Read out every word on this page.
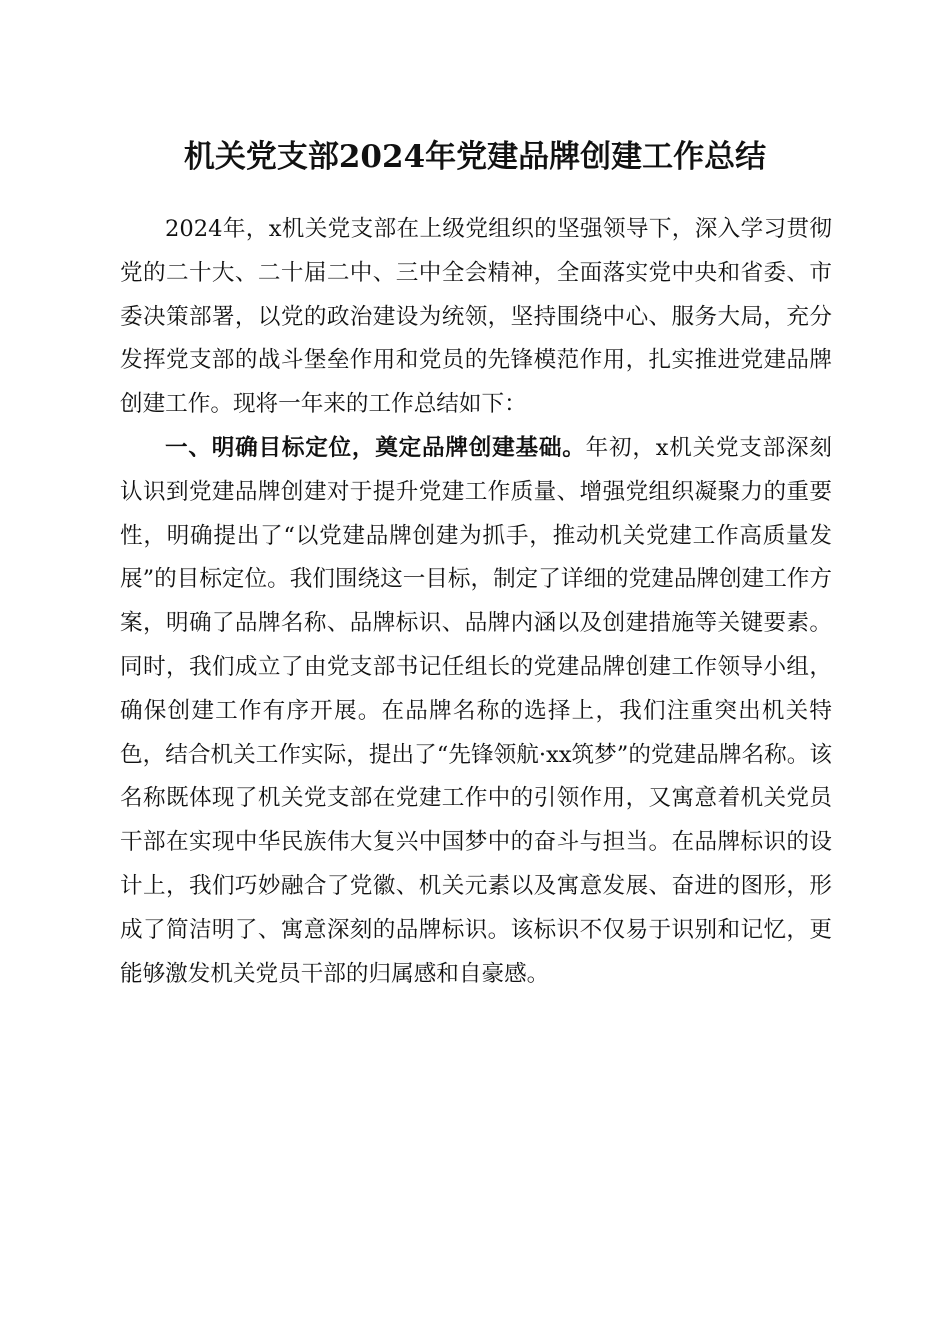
机关党支部2024年党建品牌创建工作总结

2024年，x机关党支部在上级党组织的坚强领导下，深入学习贯彻党的二十大、二十届二中、三中全会精神，全面落实党中央和省委、市委决策部署，以党的政治建设为统领，坚持围绕中心、服务大局，充分发挥党支部的战斗堡垒作用和党员的先锋模范作用，扎实推进党建品牌创建工作。现将一年来的工作总结如下：

一、明确目标定位，奠定品牌创建基础。年初，x机关党支部深刻认识到党建品牌创建对于提升党建工作质量、增强党组织凝聚力的重要性，明确提出了“以党建品牌创建为抓手，推动机关党建工作高质量发展”的目标定位。我们围绕这一目标，制定了详细的党建品牌创建工作方案，明确了品牌名称、品牌标识、品牌内涵以及创建措施等关键要素。同时，我们成立了由党支部书记任组长的党建品牌创建工作领导小组，确保创建工作有序开展。在品牌名称的选择上，我们注重突出机关特色，结合机关工作实际，提出了“先锋领航·xx筑梦”的党建品牌名称。该名称既体现了机关党支部在党建工作中的引领作用，又寓意着机关党员干部在实现中华民族伟大复兴中国梦中的奋斗与担当。在品牌标识的设计上，我们巧妙融合了党徽、机关元素以及寓意发展、奋进的图形，形成了简洁明了、寓意深刻的品牌标识。该标识不仅易于识别和记忆，更能够激发机关党员干部的归属感和自豪感。
